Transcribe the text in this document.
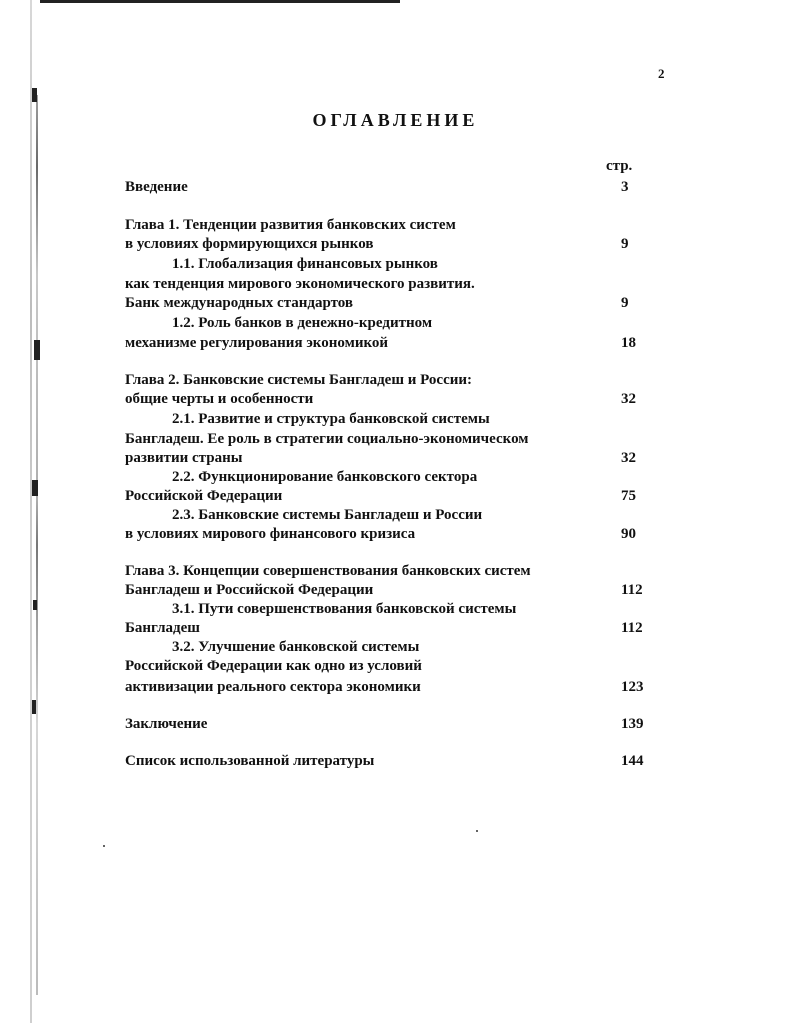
2
ОГЛАВЛЕНИЕ
стр.
Введение	3
Глава 1. Тенденции развития банковских систем
в условиях формирующихся рынков	9
1.1. Глобализация финансовых рынков
как тенденция мирового экономического развития.
Банк международных стандартов	9
1.2. Роль банков в денежно-кредитном
механизме регулирования экономикой	18
Глава 2. Банковские системы Бангладеш и России:
общие черты и особенности	32
2.1. Развитие и структура банковской системы
Бангладеш. Ее роль в стратегии социально-экономическом
развитии страны	32
2.2. Функционирование банковского сектора
Российской Федерации	75
2.3. Банковские системы Бангладеш и России
в условиях мирового финансового кризиса	90
Глава 3. Концепции совершенствования банковских систем
Бангладеш и Российской Федерации	112
3.1. Пути совершенствования банковской системы
Бангладеш	112
3.2. Улучшение банковской системы
Российской Федерации как одно из условий
активизации реального сектора экономики	123
Заключение	139
Список использованной литературы	144
